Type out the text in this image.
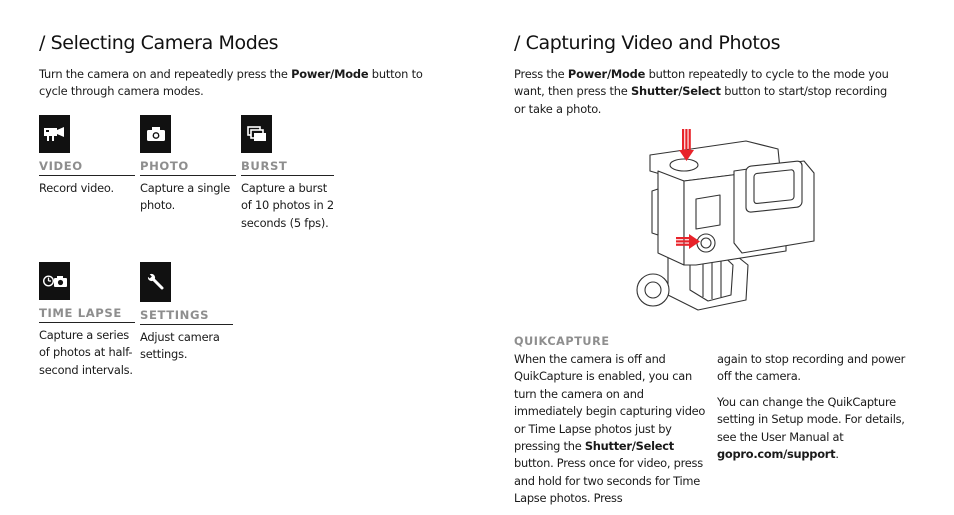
/ Selecting Camera Modes
Turn the camera on and repeatedly press the Power/Mode button to cycle through camera modes.
VIDEO
Record video.
PHOTO
Capture a single photo.
BURST
Capture a burst of 10 photos in 2 seconds (5 fps).
TIME LAPSE
Capture a series of photos at half-second intervals.
SETTINGS
Adjust camera settings.
/ Capturing Video and Photos
Press the Power/Mode button repeatedly to cycle to the mode you want, then press the Shutter/Select button to start/stop recording or take a photo.
QUIKCAPTURE

When the camera is off and QuikCapture is enabled, you can turn the camera on and immediately begin capturing video or Time Lapse photos just by pressing the Shutter/Select button. Press once for video, press and hold for two seconds for Time Lapse photos. Press

again to stop recording and power off the camera.

You can change the QuikCapture setting in Setup mode. For details, see the User Manual at gopro.com/support.
